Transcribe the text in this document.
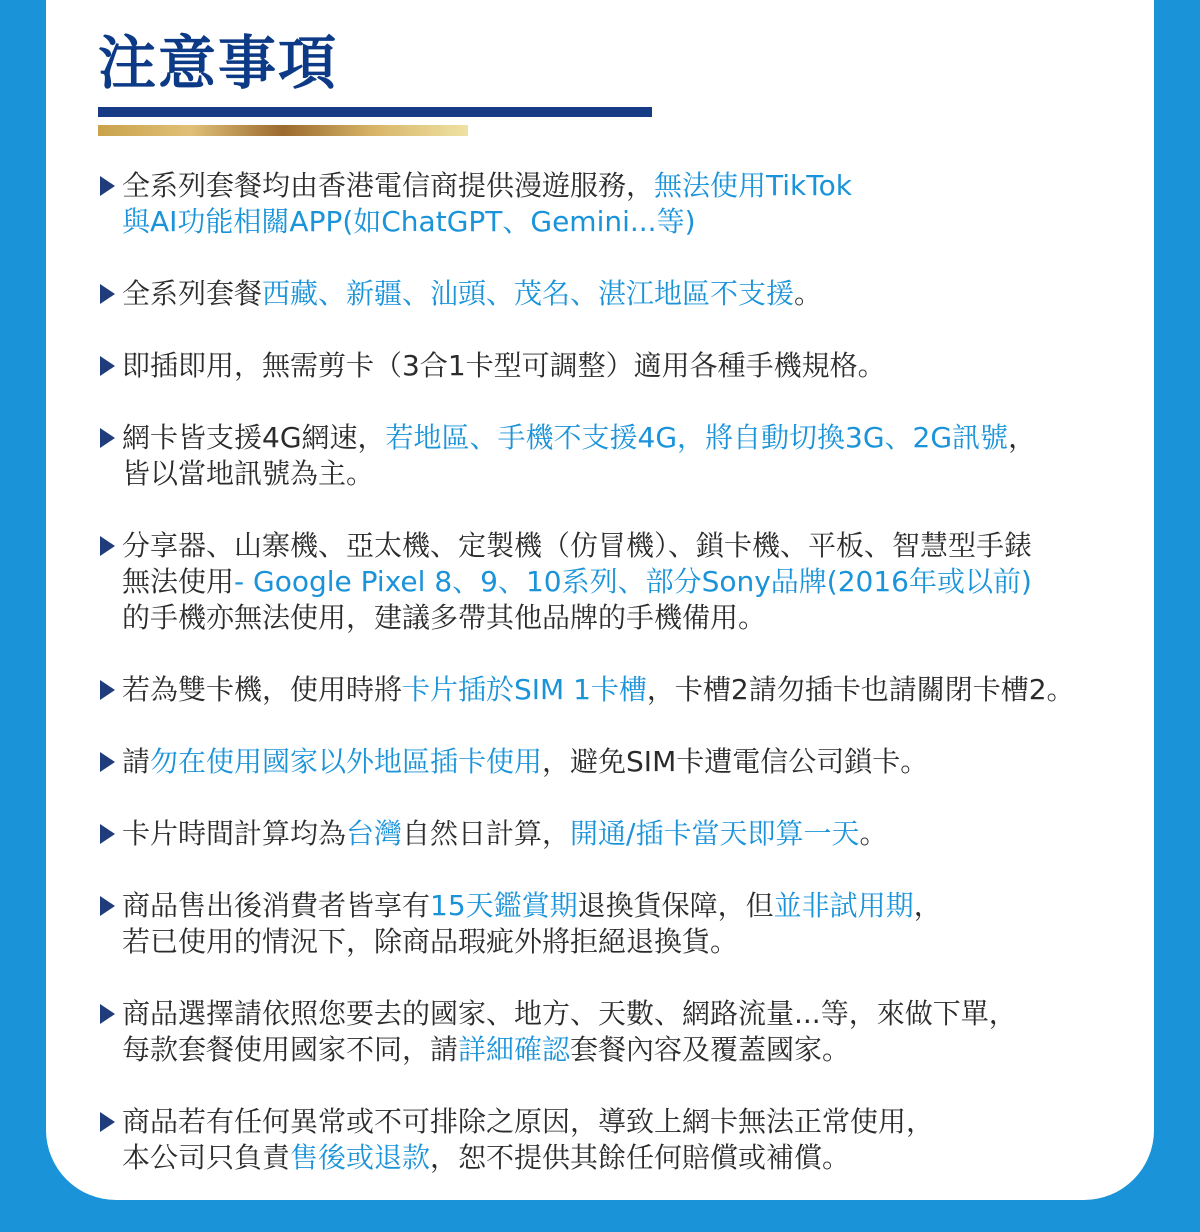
注意事項
全系列套餐均由香港電信商提供漫遊服務，無法使用TikTok
與AI功能相關APP(如ChatGPT、Gemini...等)
全系列套餐西藏、新疆、汕頭、茂名、湛江地區不支援。
即插即用，無需剪卡（3合1卡型可調整）適用各種手機規格。
網卡皆支援4G網速，若地區、手機不支援4G，將自動切換3G、2G訊號，
皆以當地訊號為主。
分享器、山寨機、亞太機、定製機（仿冒機）、鎖卡機、平板、智慧型手錶
無法使用- Google Pixel 8、9、10系列、部分Sony品牌(2016年或以前)
的手機亦無法使用，建議多帶其他品牌的手機備用。
若為雙卡機，使用時將卡片插於SIM 1卡槽，卡槽2請勿插卡也請關閉卡槽2。
請勿在使用國家以外地區插卡使用，避免SIM卡遭電信公司鎖卡。
卡片時間計算均為台灣自然日計算，開通/插卡當天即算一天。
商品售出後消費者皆享有15天鑑賞期退換貨保障，但並非試用期，
若已使用的情況下，除商品瑕疵外將拒絕退換貨。
商品選擇請依照您要去的國家、地方、天數、網路流量...等，來做下單，
每款套餐使用國家不同，請詳細確認套餐內容及覆蓋國家。
商品若有任何異常或不可排除之原因，導致上網卡無法正常使用，
本公司只負責售後或退款，恕不提供其餘任何賠償或補償。
